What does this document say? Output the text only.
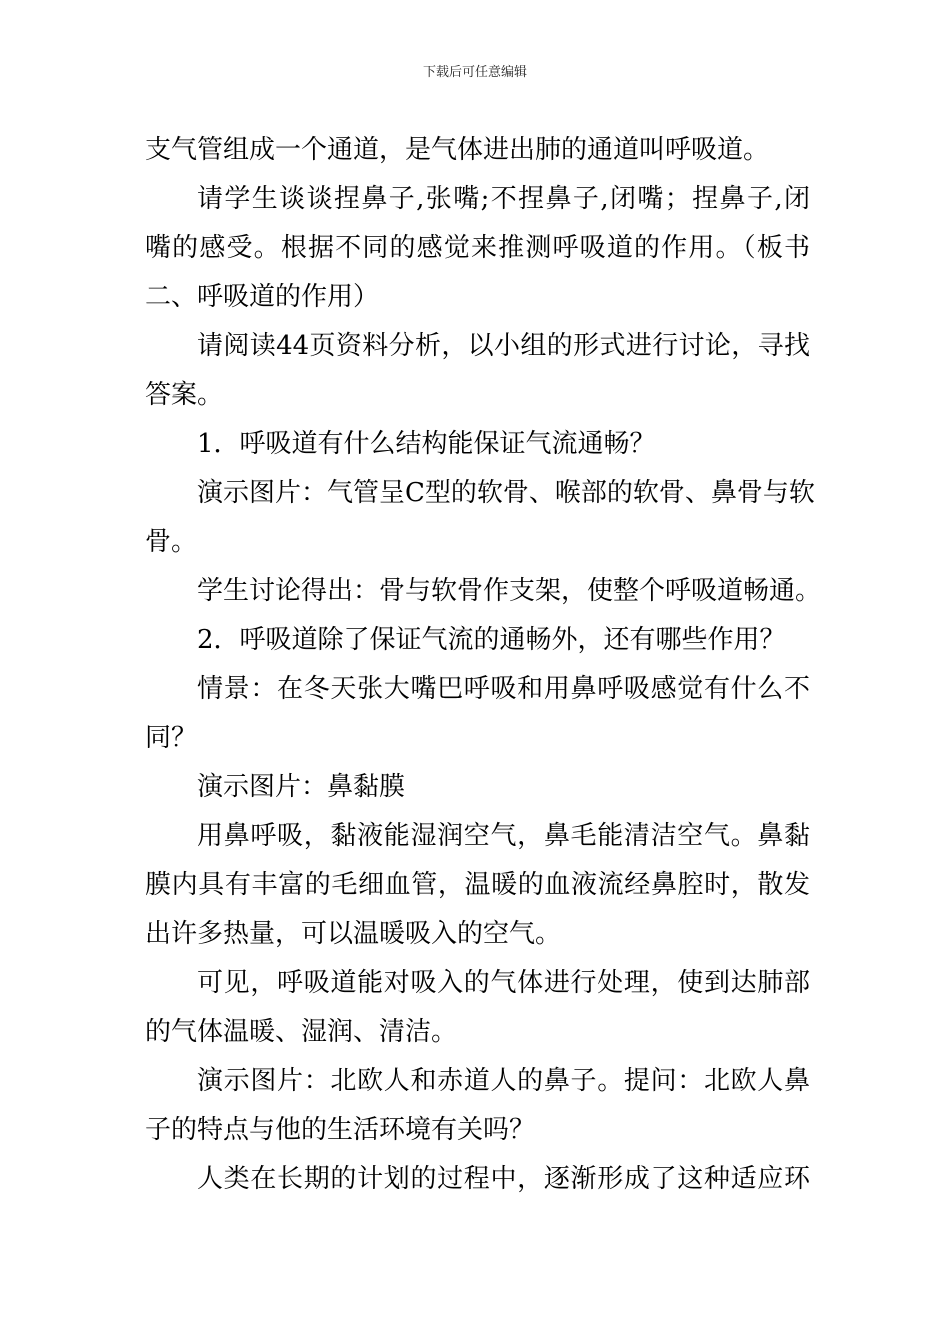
下载后可任意编辑
支气管组成一个通道，是气体进出肺的通道叫呼吸道。
请学生谈谈捏鼻子,张嘴;不捏鼻子,闭嘴；捏鼻子,闭
嘴的感受。根据不同的感觉来推测呼吸道的作用。（板书
二、呼吸道的作用）
请阅读44页资料分析，以小组的形式进行讨论，寻找
答案。
1．呼吸道有什么结构能保证气流通畅？
演示图片：气管呈C型的软骨、喉部的软骨、鼻骨与软
骨。
学生讨论得出：骨与软骨作支架，使整个呼吸道畅通。
2．呼吸道除了保证气流的通畅外，还有哪些作用？
情景：在冬天张大嘴巴呼吸和用鼻呼吸感觉有什么不
同？
演示图片：鼻黏膜
用鼻呼吸，黏液能湿润空气，鼻毛能清洁空气。鼻黏
膜内具有丰富的毛细血管，温暖的血液流经鼻腔时，散发
出许多热量，可以温暖吸入的空气。
可见，呼吸道能对吸入的气体进行处理，使到达肺部
的气体温暖、湿润、清洁。
演示图片：北欧人和赤道人的鼻子。提问：北欧人鼻
子的特点与他的生活环境有关吗？
人类在长期的计划的过程中，逐渐形成了这种适应环
